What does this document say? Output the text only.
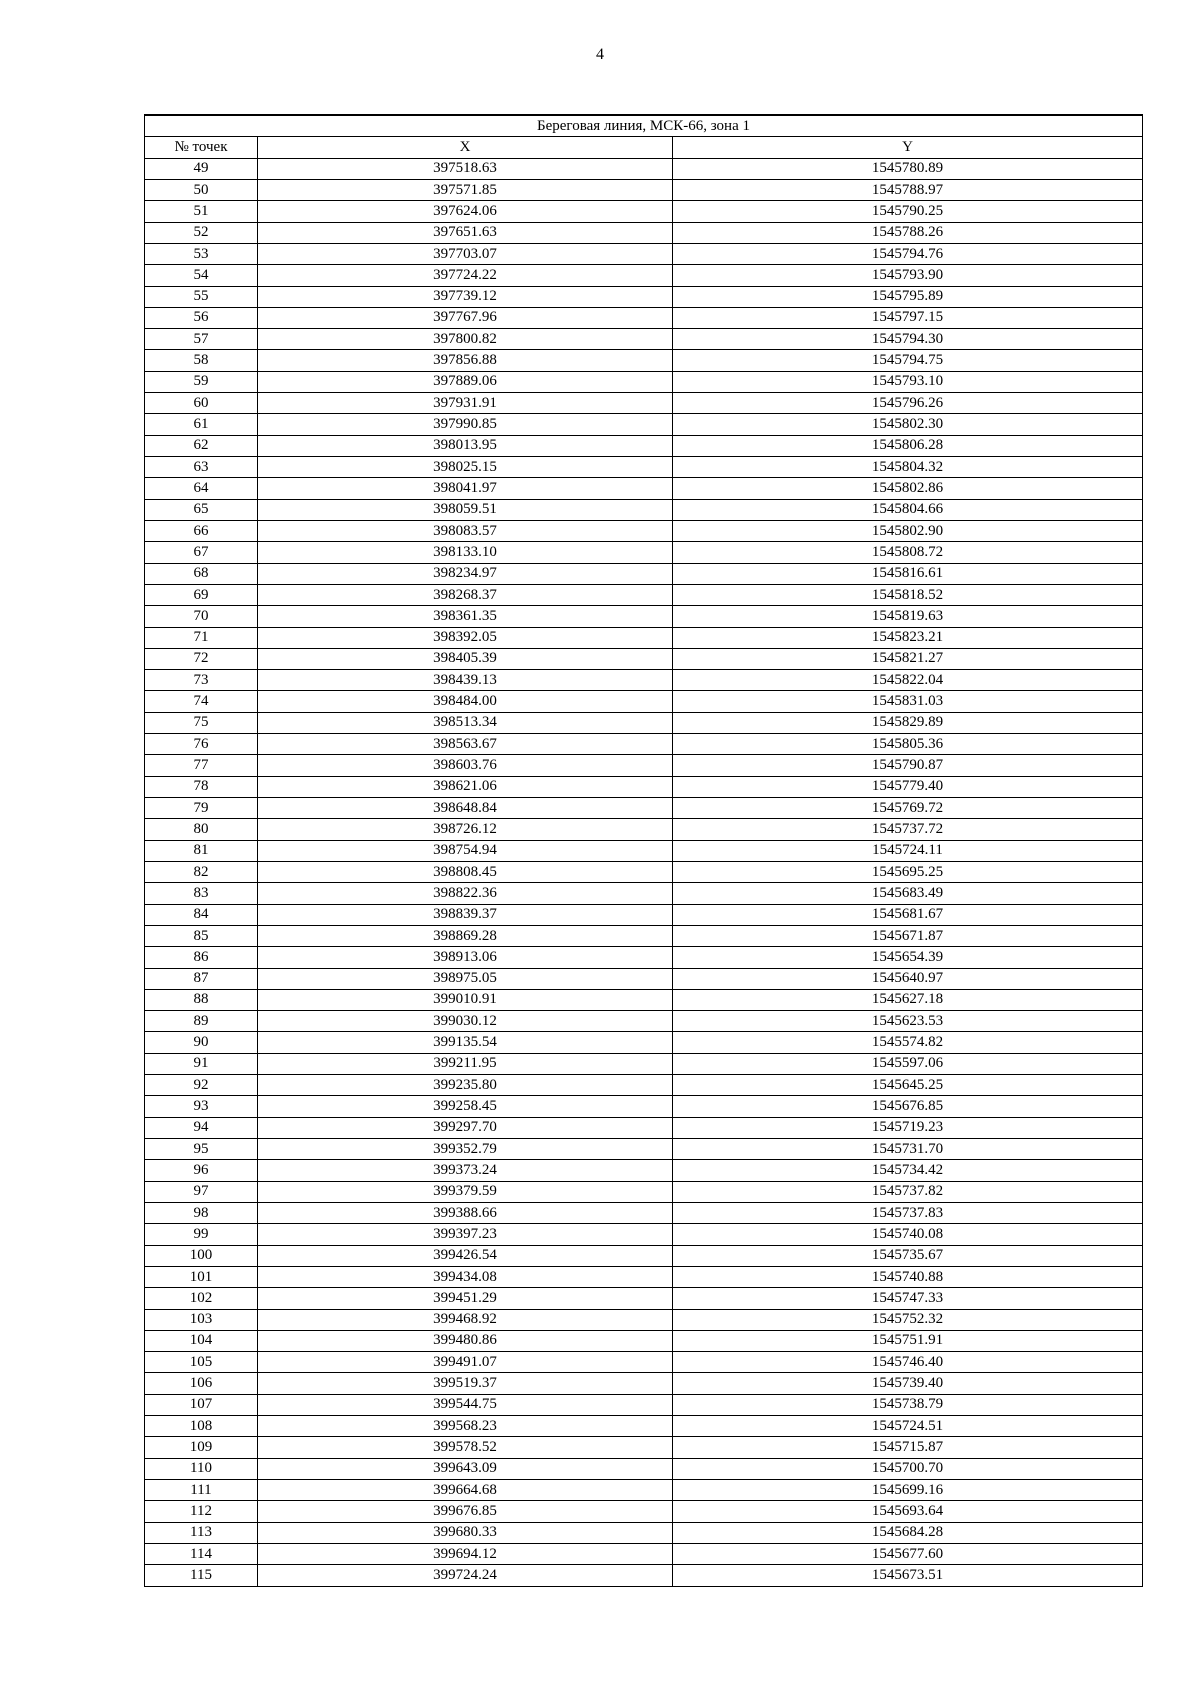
4
Береговая линия, МСК-66, зона 1		
№ точек	X	Y
49	397518.63	1545780.89
50	397571.85	1545788.97
51	397624.06	1545790.25
52	397651.63	1545788.26
53	397703.07	1545794.76
54	397724.22	1545793.90
55	397739.12	1545795.89
56	397767.96	1545797.15
57	397800.82	1545794.30
58	397856.88	1545794.75
59	397889.06	1545793.10
60	397931.91	1545796.26
61	397990.85	1545802.30
62	398013.95	1545806.28
63	398025.15	1545804.32
64	398041.97	1545802.86
65	398059.51	1545804.66
66	398083.57	1545802.90
67	398133.10	1545808.72
68	398234.97	1545816.61
69	398268.37	1545818.52
70	398361.35	1545819.63
71	398392.05	1545823.21
72	398405.39	1545821.27
73	398439.13	1545822.04
74	398484.00	1545831.03
75	398513.34	1545829.89
76	398563.67	1545805.36
77	398603.76	1545790.87
78	398621.06	1545779.40
79	398648.84	1545769.72
80	398726.12	1545737.72
81	398754.94	1545724.11
82	398808.45	1545695.25
83	398822.36	1545683.49
84	398839.37	1545681.67
85	398869.28	1545671.87
86	398913.06	1545654.39
87	398975.05	1545640.97
88	399010.91	1545627.18
89	399030.12	1545623.53
90	399135.54	1545574.82
91	399211.95	1545597.06
92	399235.80	1545645.25
93	399258.45	1545676.85
94	399297.70	1545719.23
95	399352.79	1545731.70
96	399373.24	1545734.42
97	399379.59	1545737.82
98	399388.66	1545737.83
99	399397.23	1545740.08
100	399426.54	1545735.67
101	399434.08	1545740.88
102	399451.29	1545747.33
103	399468.92	1545752.32
104	399480.86	1545751.91
105	399491.07	1545746.40
106	399519.37	1545739.40
107	399544.75	1545738.79
108	399568.23	1545724.51
109	399578.52	1545715.87
110	399643.09	1545700.70
111	399664.68	1545699.16
112	399676.85	1545693.64
113	399680.33	1545684.28
114	399694.12	1545677.60
115	399724.24	1545673.51
